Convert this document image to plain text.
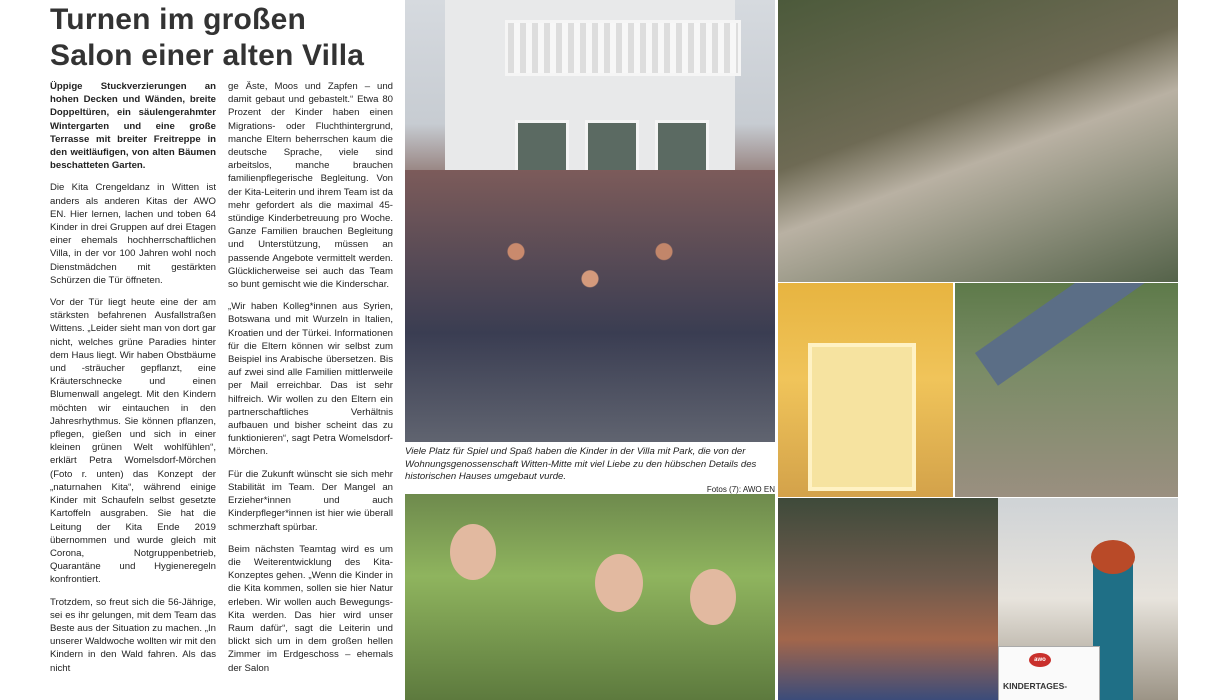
Turnen im großen
Salon einer alten Villa

Üppige Stuckverzierungen an hohen Decken und Wänden, breite Doppeltüren, ein säulengerahmter Wintergarten und eine große Terrasse mit breiter Freitreppe in den weitläufigen, von alten Bäumen beschatteten Garten.

Die Kita Crengeldanz in Witten ist anders als anderen Kitas der AWO EN. Hier lernen, lachen und toben 64 Kinder in drei Gruppen auf drei Etagen einer ehemals hochherrschaftlichen Villa, in der vor 100 Jahren wohl noch Dienstmädchen mit gestärkten Schürzen die Tür öffneten.

Vor der Tür liegt heute eine der am stärksten befahrenen Ausfallstraßen Wittens. „Leider sieht man von dort gar nicht, welches grüne Paradies hinter dem Haus liegt. Wir haben Obstbäume und -sträucher gepflanzt, eine Kräuterschnecke und einen Blumenwall angelegt. Mit den Kindern möchten wir eintauchen in den Jahresrhythmus. Sie können pflanzen, pflegen, gießen und sich in einer kleinen grünen Welt wohlfühlen“, erklärt Petra Womelsdorf-Mörchen (Foto r. unten) das Konzept der „naturnahen Kita“, während einige Kinder mit Schaufeln selbst gesetzte Kartoffeln ausgraben. Sie hat die Leitung der Kita Ende 2019 übernommen und wurde gleich mit Corona, Notgruppenbetrieb, Quarantäne und Hygieneregeln konfrontiert.

Trotzdem, so freut sich die 56-Jährige, sei es ihr gelungen, mit dem Team das Beste aus der Situation zu machen. „In unserer Waldwoche wollten wir mit den Kindern in den Wald fahren. Als das nicht

ge Äste, Moos und Zapfen – und damit gebaut und gebastelt.“ Etwa 80 Prozent der Kinder haben einen Migrations- oder Fluchthintergrund, manche Eltern beherrschen kaum die deutsche Sprache, viele sind arbeitslos, manche brauchen familienpflegerische Begleitung. Von der Kita-Leiterin und ihrem Team ist da mehr gefordert als die maximal 45-stündige Kinderbetreuung pro Woche. Ganze Familien brauchen Begleitung und Unterstützung, müssen an passende Angebote vermittelt werden. Glücklicherweise sei auch das Team so bunt gemischt wie die Kinderschar.

„Wir haben Kolleg*innen aus Syrien, Botswana und mit Wurzeln in Italien, Kroatien und der Türkei. Informationen für die Eltern können wir selbst zum Beispiel ins Arabische übersetzen. Bis auf zwei sind alle Familien mittlerweile per Mail erreichbar. Das ist sehr hilfreich. Wir wollen zu den Eltern ein partnerschaftliches Verhältnis aufbauen und bisher scheint das zu funktionieren“, sagt Petra Womelsdorf-Mörchen.

Für die Zukunft wünscht sie sich mehr Stabilität im Team. Der Mangel an Erzieher*innen und auch Kinderpfleger*innen ist hier wie überall schmerzhaft spürbar.

Beim nächsten Teamtag wird es um die Weiterentwicklung des Kita-Konzeptes gehen. „Wenn die Kinder in die Kita kommen, sollen sie hier Natur erleben. Wir wollen auch Bewegungs-Kita werden. Das hier wird unser Raum dafür“, sagt die Leiterin und blickt sich um in dem großen hellen Zimmer im Erdgeschoss – ehemals der Salon

Viele Platz für Spiel und Spaß haben die Kinder in der Villa mit Park, die von der Wohnungsgenossenschaft Witten-Mitte mit viel Liebe zu den hübschen Details des historischen Hauses umgebaut vurde.
Fotos (7): AWO EN
awo
KINDERTAGES-
